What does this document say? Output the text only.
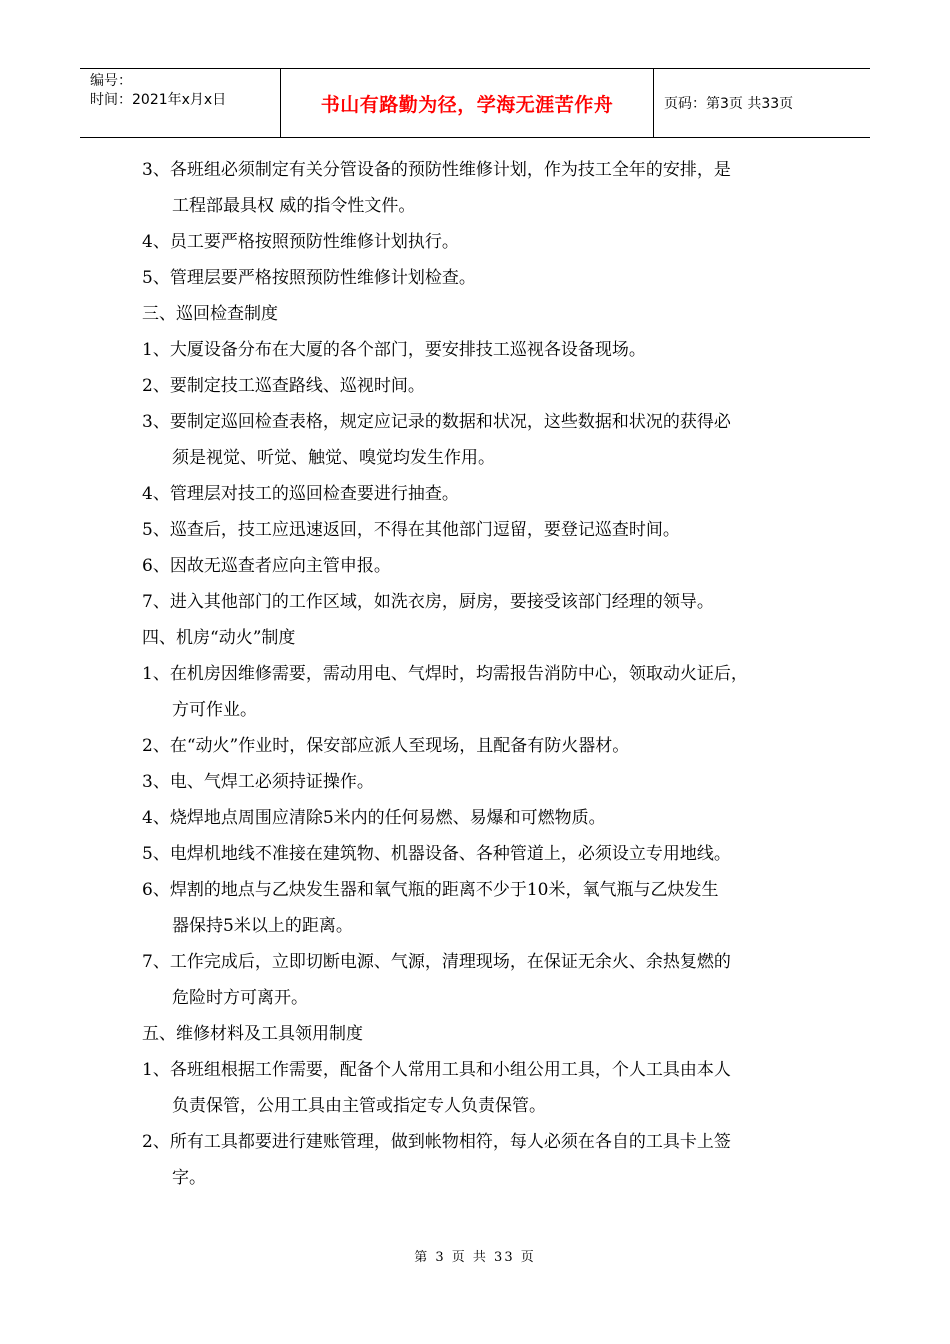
编号：
时间：2021年x月x日	书山有路勤为径，学海无涯苦作舟	页码：第3页 共33页
3、各班组必须制定有关分管设备的预防性维修计划，作为技工全年的安排，是
工程部最具权 威的指令性文件。
4、员工要严格按照预防性维修计划执行。
5、管理层要严格按照预防性维修计划检查。
三、巡回检查制度
1、大厦设备分布在大厦的各个部门，要安排技工巡视各设备现场。
2、要制定技工巡查路线、巡视时间。
3、要制定巡回检查表格，规定应记录的数据和状况，这些数据和状况的获得必
须是视觉、听觉、触觉、嗅觉均发生作用。
4、管理层对技工的巡回检查要进行抽查。
5、巡查后，技工应迅速返回，不得在其他部门逗留，要登记巡查时间。
6、因故无巡查者应向主管申报。
7、进入其他部门的工作区域，如洗衣房，厨房，要接受该部门经理的领导。
四、机房“动火”制度
1、在机房因维修需要，需动用电、气焊时，均需报告消防中心，领取动火证后，
方可作业。
2、在“动火”作业时，保安部应派人至现场，且配备有防火器材。
3、电、气焊工必须持证操作。
4、烧焊地点周围应清除5米内的任何易燃、易爆和可燃物质。
5、电焊机地线不准接在建筑物、机器设备、各种管道上，必须设立专用地线。
6、焊割的地点与乙炔发生器和氧气瓶的距离不少于10米，氧气瓶与乙炔发生
器保持5米以上的距离。
7、工作完成后，立即切断电源、气源，清理现场，在保证无余火、余热复燃的
危险时方可离开。
五、维修材料及工具领用制度
1、各班组根据工作需要，配备个人常用工具和小组公用工具，个人工具由本人
负责保管，公用工具由主管或指定专人负责保管。
2、所有工具都要进行建账管理，做到帐物相符，每人必须在各自的工具卡上签
字。
第 3 页 共 33 页
